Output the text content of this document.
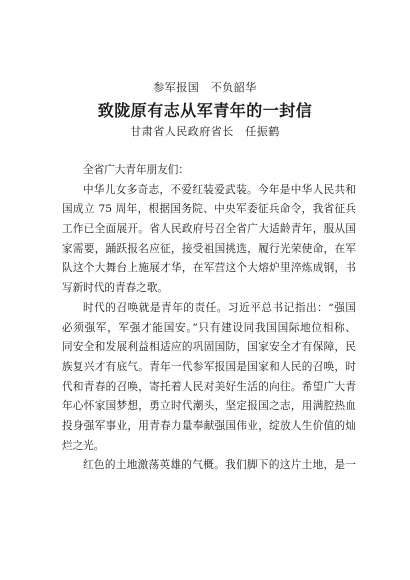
参军报国　不负韶华
致陇原有志从军青年的一封信
甘肃省人民政府省长　任振鹤
全省广大青年朋友们：
中华儿女多奇志，不爱红装爱武装。今年是中华人民共和
国成立 75 周年，根据国务院、中央军委征兵命令，我省征兵
工作已全面展开。省人民政府号召全省广大适龄青年，服从国
家需要，踊跃报名应征，接受祖国挑选，履行光荣使命，在军
队这个大舞台上施展才华，在军营这个大熔炉里淬炼成钢，书
写新时代的青春之歌。
时代的召唤就是青年的责任。习近平总书记指出：“强国
必须强军，军强才能国安。”只有建设同我国国际地位相称、
同安全和发展利益相适应的巩固国防，国家安全才有保障，民
族复兴才有底气。青年一代参军报国是国家和人民的召唤，时
代和青春的召唤，寄托着人民对美好生活的向往。希望广大青
年心怀家国梦想，勇立时代潮头，坚定报国之志，用满腔热血
投身强军事业，用青春力量奉献强国伟业，绽放人生价值的灿
烂之光。
红色的土地激荡英雄的气概。我们脚下的这片土地，是一
